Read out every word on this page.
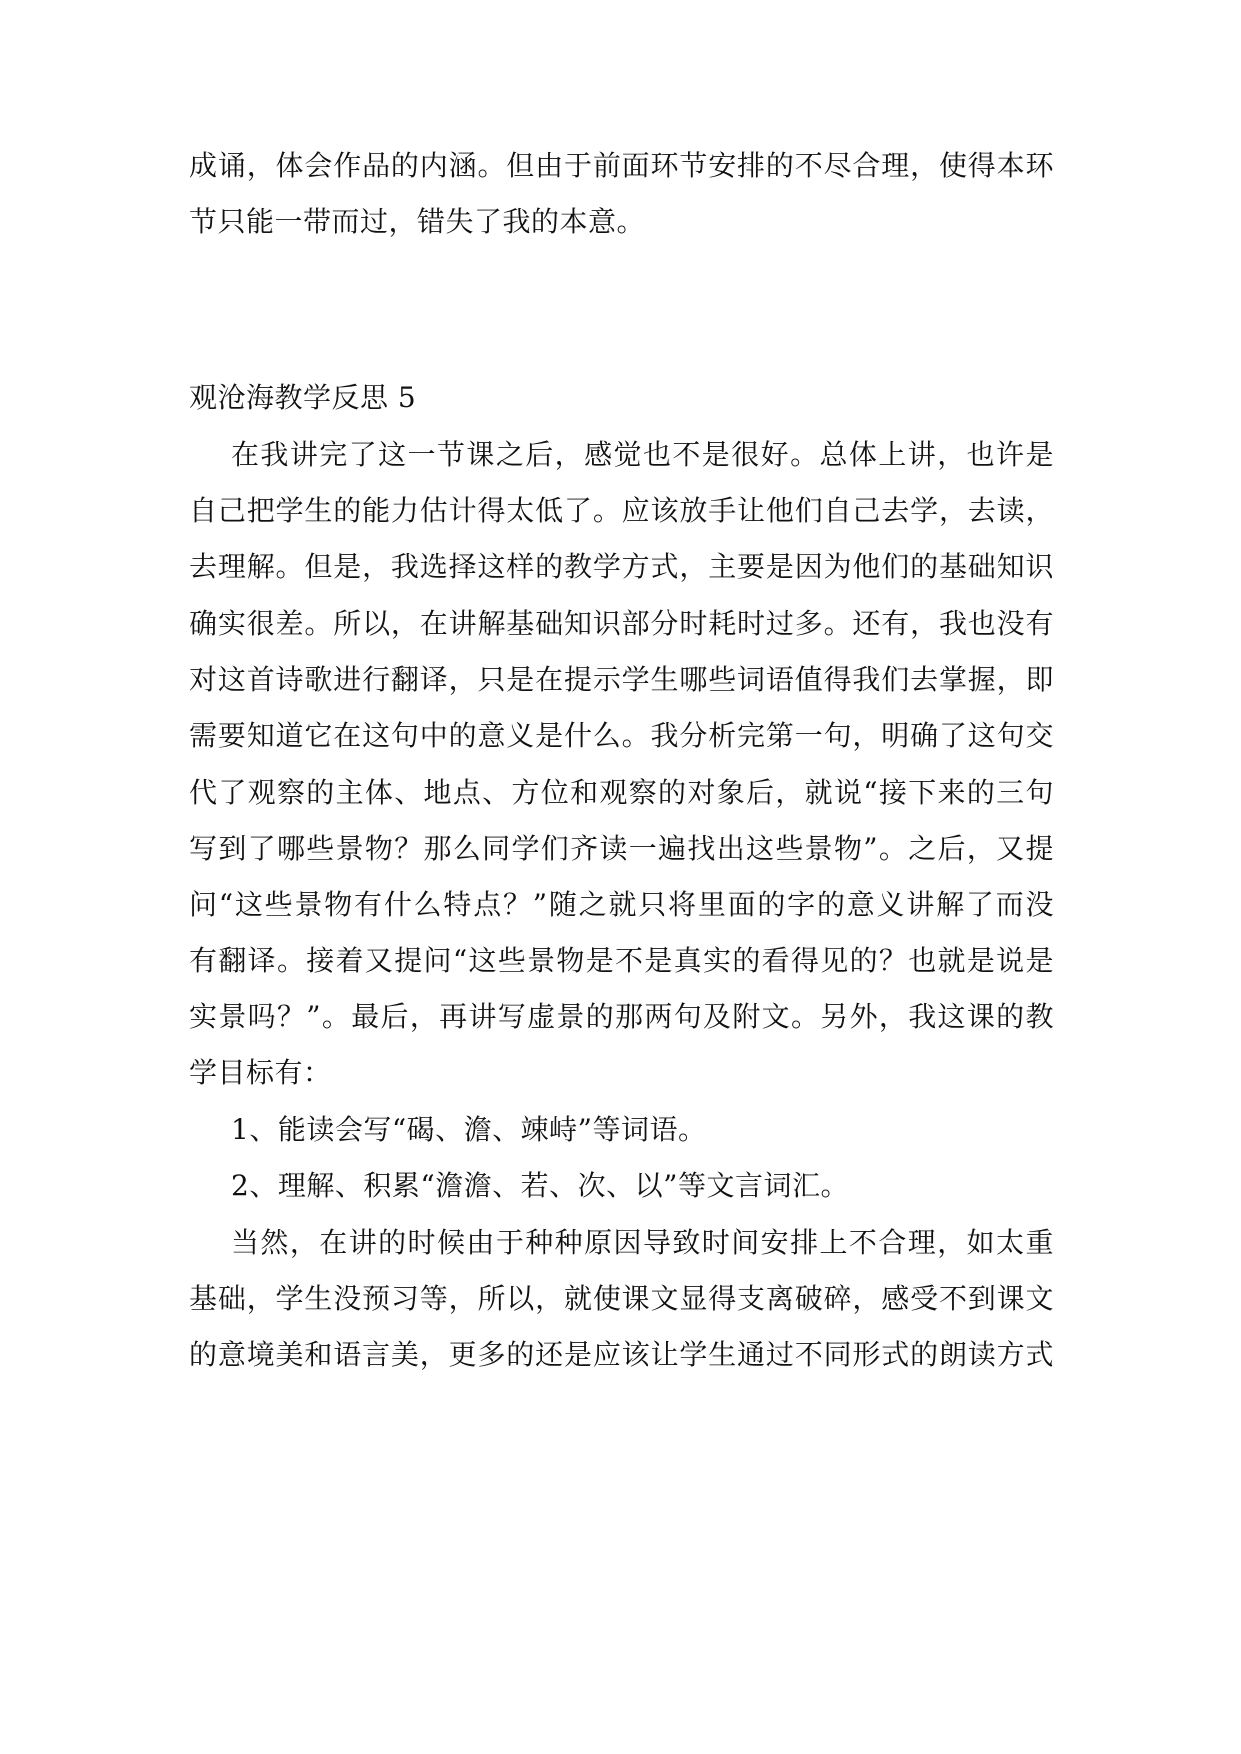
成诵，体会作品的内涵。但由于前面环节安排的不尽合理，使得本环
节只能一带而过，错失了我的本意。
观沧海教学反思 5
在我讲完了这一节课之后，感觉也不是很好。总体上讲，也许是
自己把学生的能力估计得太低了。应该放手让他们自己去学，去读，
去理解。但是，我选择这样的教学方式，主要是因为他们的基础知识
确实很差。所以，在讲解基础知识部分时耗时过多。还有，我也没有
对这首诗歌进行翻译，只是在提示学生哪些词语值得我们去掌握，即
需要知道它在这句中的意义是什么。我分析完第一句，明确了这句交
代了观察的主体、地点、方位和观察的对象后，就说“接下来的三句
写到了哪些景物？那么同学们齐读一遍找出这些景物”。之后，又提
问“这些景物有什么特点？”随之就只将里面的字的意义讲解了而没
有翻译。接着又提问“这些景物是不是真实的看得见的？也就是说是
实景吗？”。最后，再讲写虚景的那两句及附文。另外，我这课的教
学目标有：
1、能读会写“碣、澹、竦峙”等词语。
2、理解、积累“澹澹、若、次、以”等文言词汇。
当然，在讲的时候由于种种原因导致时间安排上不合理，如太重
基础，学生没预习等，所以，就使课文显得支离破碎，感受不到课文
的意境美和语言美，更多的还是应该让学生通过不同形式的朗读方式
